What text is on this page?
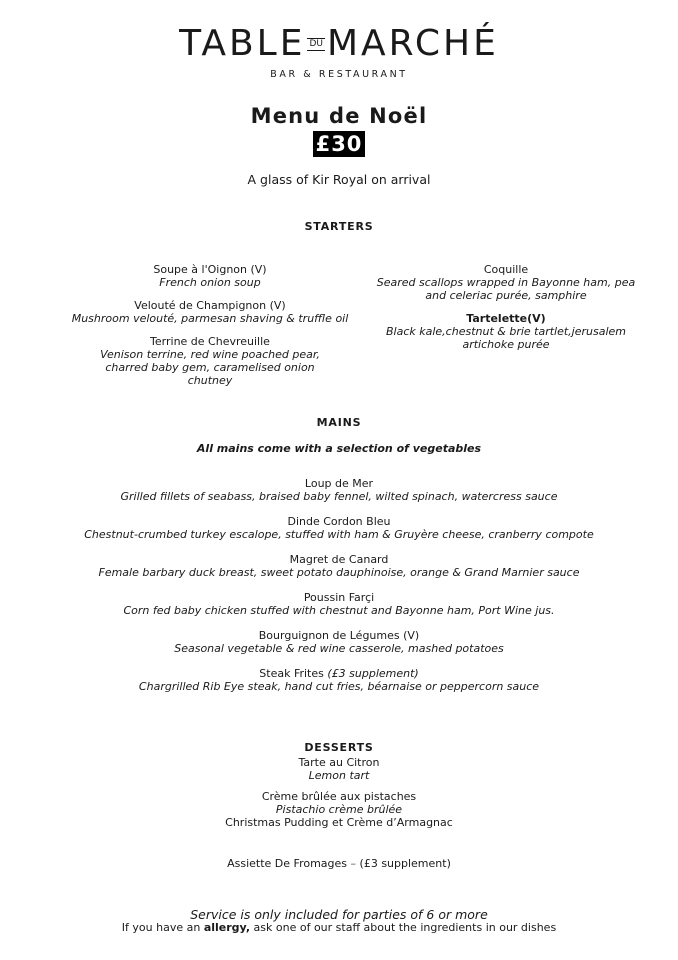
TABLE DU MARCHÉ
BAR & RESTAURANT
Menu de Noël
£30
A glass of Kir Royal on arrival
STARTERS
Soupe à l'Oignon (V)
French onion soup
Velouté de Champignon (V)
Mushroom velouté, parmesan shaving & truffle oil
Terrine de Chevreuille
Venison terrine, red wine poached pear, charred baby gem, caramelised onion chutney
Coquille
Seared scallops wrapped in Bayonne ham, pea and celeriac purée, samphire
Tartelette(V)
Black kale,chestnut & brie tartlet,jerusalem artichoke purée
MAINS
All mains come with a selection of vegetables
Loup de Mer
Grilled fillets of seabass, braised baby fennel, wilted spinach, watercress sauce
Dinde Cordon Bleu
Chestnut-crumbed turkey escalope, stuffed with ham & Gruyère cheese, cranberry compote
Magret de Canard
Female barbary duck breast, sweet potato dauphinoise, orange & Grand Marnier sauce
Poussin Farçi
Corn fed baby chicken stuffed with chestnut and Bayonne ham, Port Wine jus.
Bourguignon de Légumes (V)
Seasonal vegetable & red wine casserole, mashed potatoes
Steak Frites (£3 supplement)
Chargrilled Rib Eye steak, hand cut fries, béarnaise or peppercorn sauce
DESSERTS
Tarte au Citron
Lemon tart
Crème brûlée aux pistaches
Pistachio crème brûlée
Christmas Pudding et Crème d’Armagnac
Assiette De Fromages – (£3 supplement)
Service is only included for parties of 6 or more
If you have an allergy, ask one of our staff about the ingredients in our dishes
